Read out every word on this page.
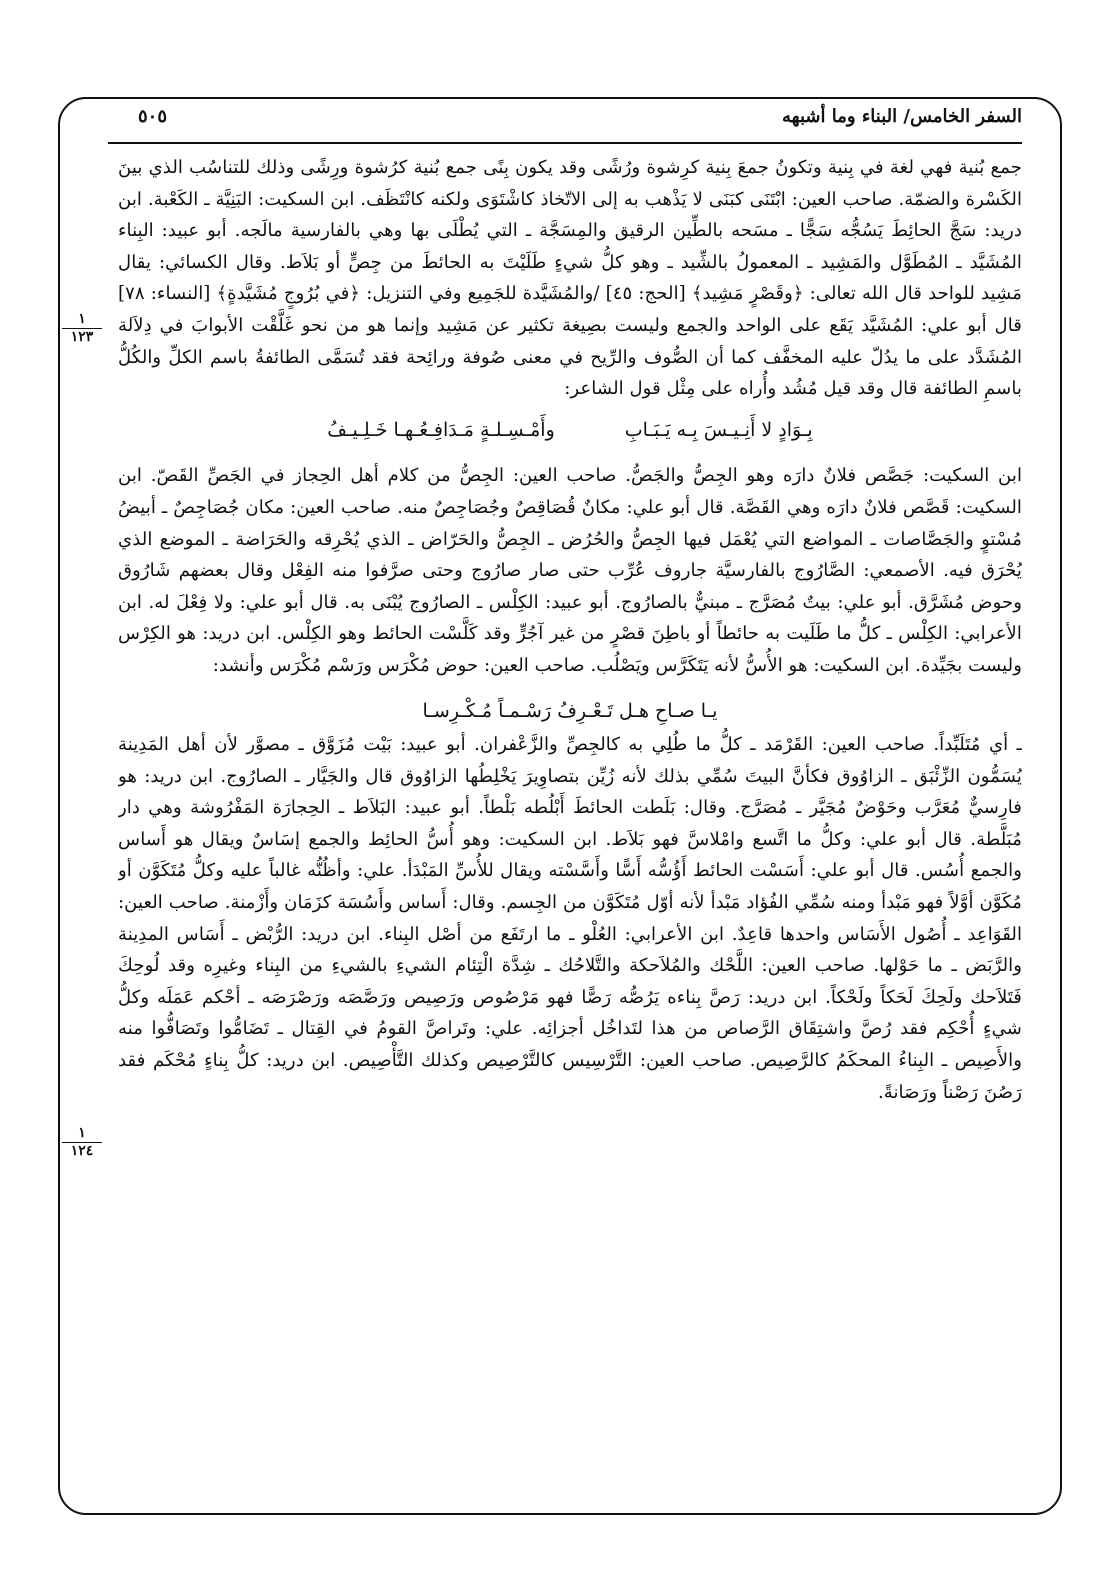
السفر الخامس/ البناء وما أشبهه
٥٠٥
١
١٢٣
١
١٢٤

جمع بُنية فهي لغة في بِنية وتكونُ جمعَ بِنية كرِشوة ورُشًى وقد يكون بِنًى جمع بُنية كرُشوة ورِشًى وذلك للتناسُب الذي بينَ الكَسْرة والضمّة. صاحب العين: ابْتَنَى كبَنَى لا يَذْهب به إلى الاتّخاذ كاشْتَوَى ولكنه كانْتَظَف. ابن السكيت: البَنِيَّة ـ الكَعْبة. ابن دريد: سَجَّ الحائِطَ يَسُجُّه سَجًّا ـ مسَحه بالطِّين الرقيق والمِسَجَّة ـ التي يُطْلَى بها وهي بالفارسية مالَجه. أبو عبيد: البِناء المُشَيَّد ـ المُطَوَّل والمَشِيد ـ المعمولُ بالشِّيد ـ وهو كلُّ شيءٍ طَلَيْتَ به الحائطَ من جِصٍّ أو بَلاَط. وقال الكسائي: يقال مَشِيد للواحد قال الله تعالى: ﴿وقَصْرٍ مَشِيد﴾ [الحج: ٤٥] /والمُشَيَّدة للجَمِيع وفي التنزيل: ﴿في بُرُوجٍ مُشَيَّدةٍ﴾ [النساء: ٧٨] قال أبو علي: المُشَيَّد يَقَع على الواحد والجمع وليست بصِيغة تكثير عن مَشِيد وإنما هو من نحو غَلَّقْت الأبوابَ في دِلاَلة المُشَدَّد على ما يدُلّ عليه المخفَّف كما أن الصُّوف والرِّيح في معنى صُوفة ورائِحة فقد تُسَمَّى الطائفةُ باسم الكلِّ والكُلُّ باسمِ الطائفة قال وقد قيل مُشُد وأُراه على مِثْل قول الشاعر:

بِـوَادٍ لا أَنِـيـسَ بِـه يَـبَـابِ
وأَمْـسِـلـةٍ مَـدَافِـعُـهـا خَـلِـيـفُ

ابن السكيت: جَصَّص فلانٌ دارَه وهو الجِصُّ والجَصُّ. صاحب العين: الجِصُّ من كلام أهل الحِجاز في الجَصِّ القَصّ. ابن السكيت: قَصَّص فلانٌ دارَه وهي القَصَّة. قال أبو علي: مكانٌ قُصَاقِصٌ وجُصَاجِصٌ منه. صاحب العين: مكان جُصَاجِصٌ ـ أبيضُ مُسْتوٍ والجَصَّاصات ـ المواضع التي يُعْمَل فيها الجِصُّ والحُرُض ـ الجِصُّ والحَرّاض ـ الذي يُحْرِقه والحَرَاضة ـ الموضع الذي يُحْرَق فيه. الأصمعي: الصَّارُوج بالفارسيَّة جاروف عُرِّب حتى صار صارُوج وحتى صرَّفوا منه الفِعْل وقال بعضهم شَارُوق وحوض مُشَرَّق. أبو علي: بيتٌ مُصَرَّج ـ مبنيٌّ بالصارُوج. أبو عبيد: الكِلْس ـ الصارُوج يُبْنَى به. قال أبو علي: ولا فِعْلَ له. ابن الأعرابي: الكِلْس ـ كلُّ ما طَلَيت به حائطاً أو باطِنَ قصْرٍ من غير آجُرٍّ وقد كَلَّسْت الحائط وهو الكِلْس. ابن دريد: هو الكِرْس وليست بجَيِّدة. ابن السكيت: هو الأُسُّ لأنه يَتَكَرَّس ويَصْلُب. صاحب العين: حوض مُكْرَس ورَسْم مُكْرَس وأنشد:

يـا صـاحِ هـل تَـعْـرِفُ رَسْـمـاً مُـكْـرِسـا

ـ أي مُتَلَبِّداً. صاحب العين: القَرْمَد ـ كلُّ ما طُلِي به كالجِصِّ والزَّعْفران. أبو عبيد: بَيْت مُزَوَّق ـ مصوَّر لأن أهل المَدِينة يُسَمُّون الزِّئْبَق ـ الزاوُوق فكأنَّ البيتَ سُمِّي بذلك لأنه زُيِّن بتصاوِيرَ يَخْلِطُها الزاوُوق قال والجَيَّار ـ الصارُوج. ابن دريد: هو فارِسيٌّ مُعَرَّب وحَوْضٌ مُجَيَّر ـ مُصَرَّج. وقال: بَلَطت الحائطَ أَبْلُطه بَلْطاً. أبو عبيد: البَلاَط ـ الحِجارَة المَفْرُوشة وهي دار مُبَلَّطة. قال أبو علي: وكلُّ ما اتَّسع وامْلاسَّ فهو بَلاَط. ابن السكيت: وهو أُسُّ الحائِط والجمع إسَاسٌ ويقال هو أَساس والجمع أُسُس. قال أبو علي: أَسَسْت الحائط أَؤُسُّه أَسًّا وأَسَّسْته ويقال للأُسِّ المَبْدَأ. علي: وأظُنُّه غالباً عليه وكلُّ مُتَكَوَّن أو مُكَوَّن أوَّلاً فهو مَبْدأ ومنه سُمِّي الفُؤاد مَبْدأ لأنه أوّل مُتَكَوَّن من الجِسم. وقال: أَساس وأَسُسَة كزَمَان وأَزْمنة. صاحب العين: القَوَاعِد ـ أُصُول الأَسَاس واحدها قاعِدٌ. ابن الأعرابي: العُلْو ـ ما ارتَفَع من أصْل البِناء. ابن دريد: الرُّبْض ـ أَسَاس المدِينة والرَّبَض ـ ما حَوْلها. صاحب العين: اللَّحْك والمُلاَحكة والتَّلاحُك ـ شِدَّة الْتِئام الشيءِ بالشيءِ من البِناء وغيرِه وقد لُوحِكَ فَتَلاَحك ولَحِكَ لَحَكاً ولَحْكاً. ابن دريد: رَصَّ بِناءه يَرُصُّه رَصًّا فهو مَرْصُوص ورَصِيص ورَصَّصَه ورَصْرَصَه ـ أحْكم عَمَلَه وكلُّ شيءٍ أُحْكِم فقد رُصَّ واشتِقَاق الرَّصاص من هذا لتَداخُل أجزائِه. علي: وتَراصَّ القومُ في القِتال ـ تَضَامُّوا وتَصَافُّوا منه والأَصِيص ـ البِناءُ المحكَمُ كالرَّصِيص. صاحب العين: التَّرْسِيس كالتَّرْصِيص وكذلك التَّأْصِيص. ابن دريد: كلُّ بِناءٍ مُحْكَم فقد رَصُنَ رَصْناً ورَصَانةً.
